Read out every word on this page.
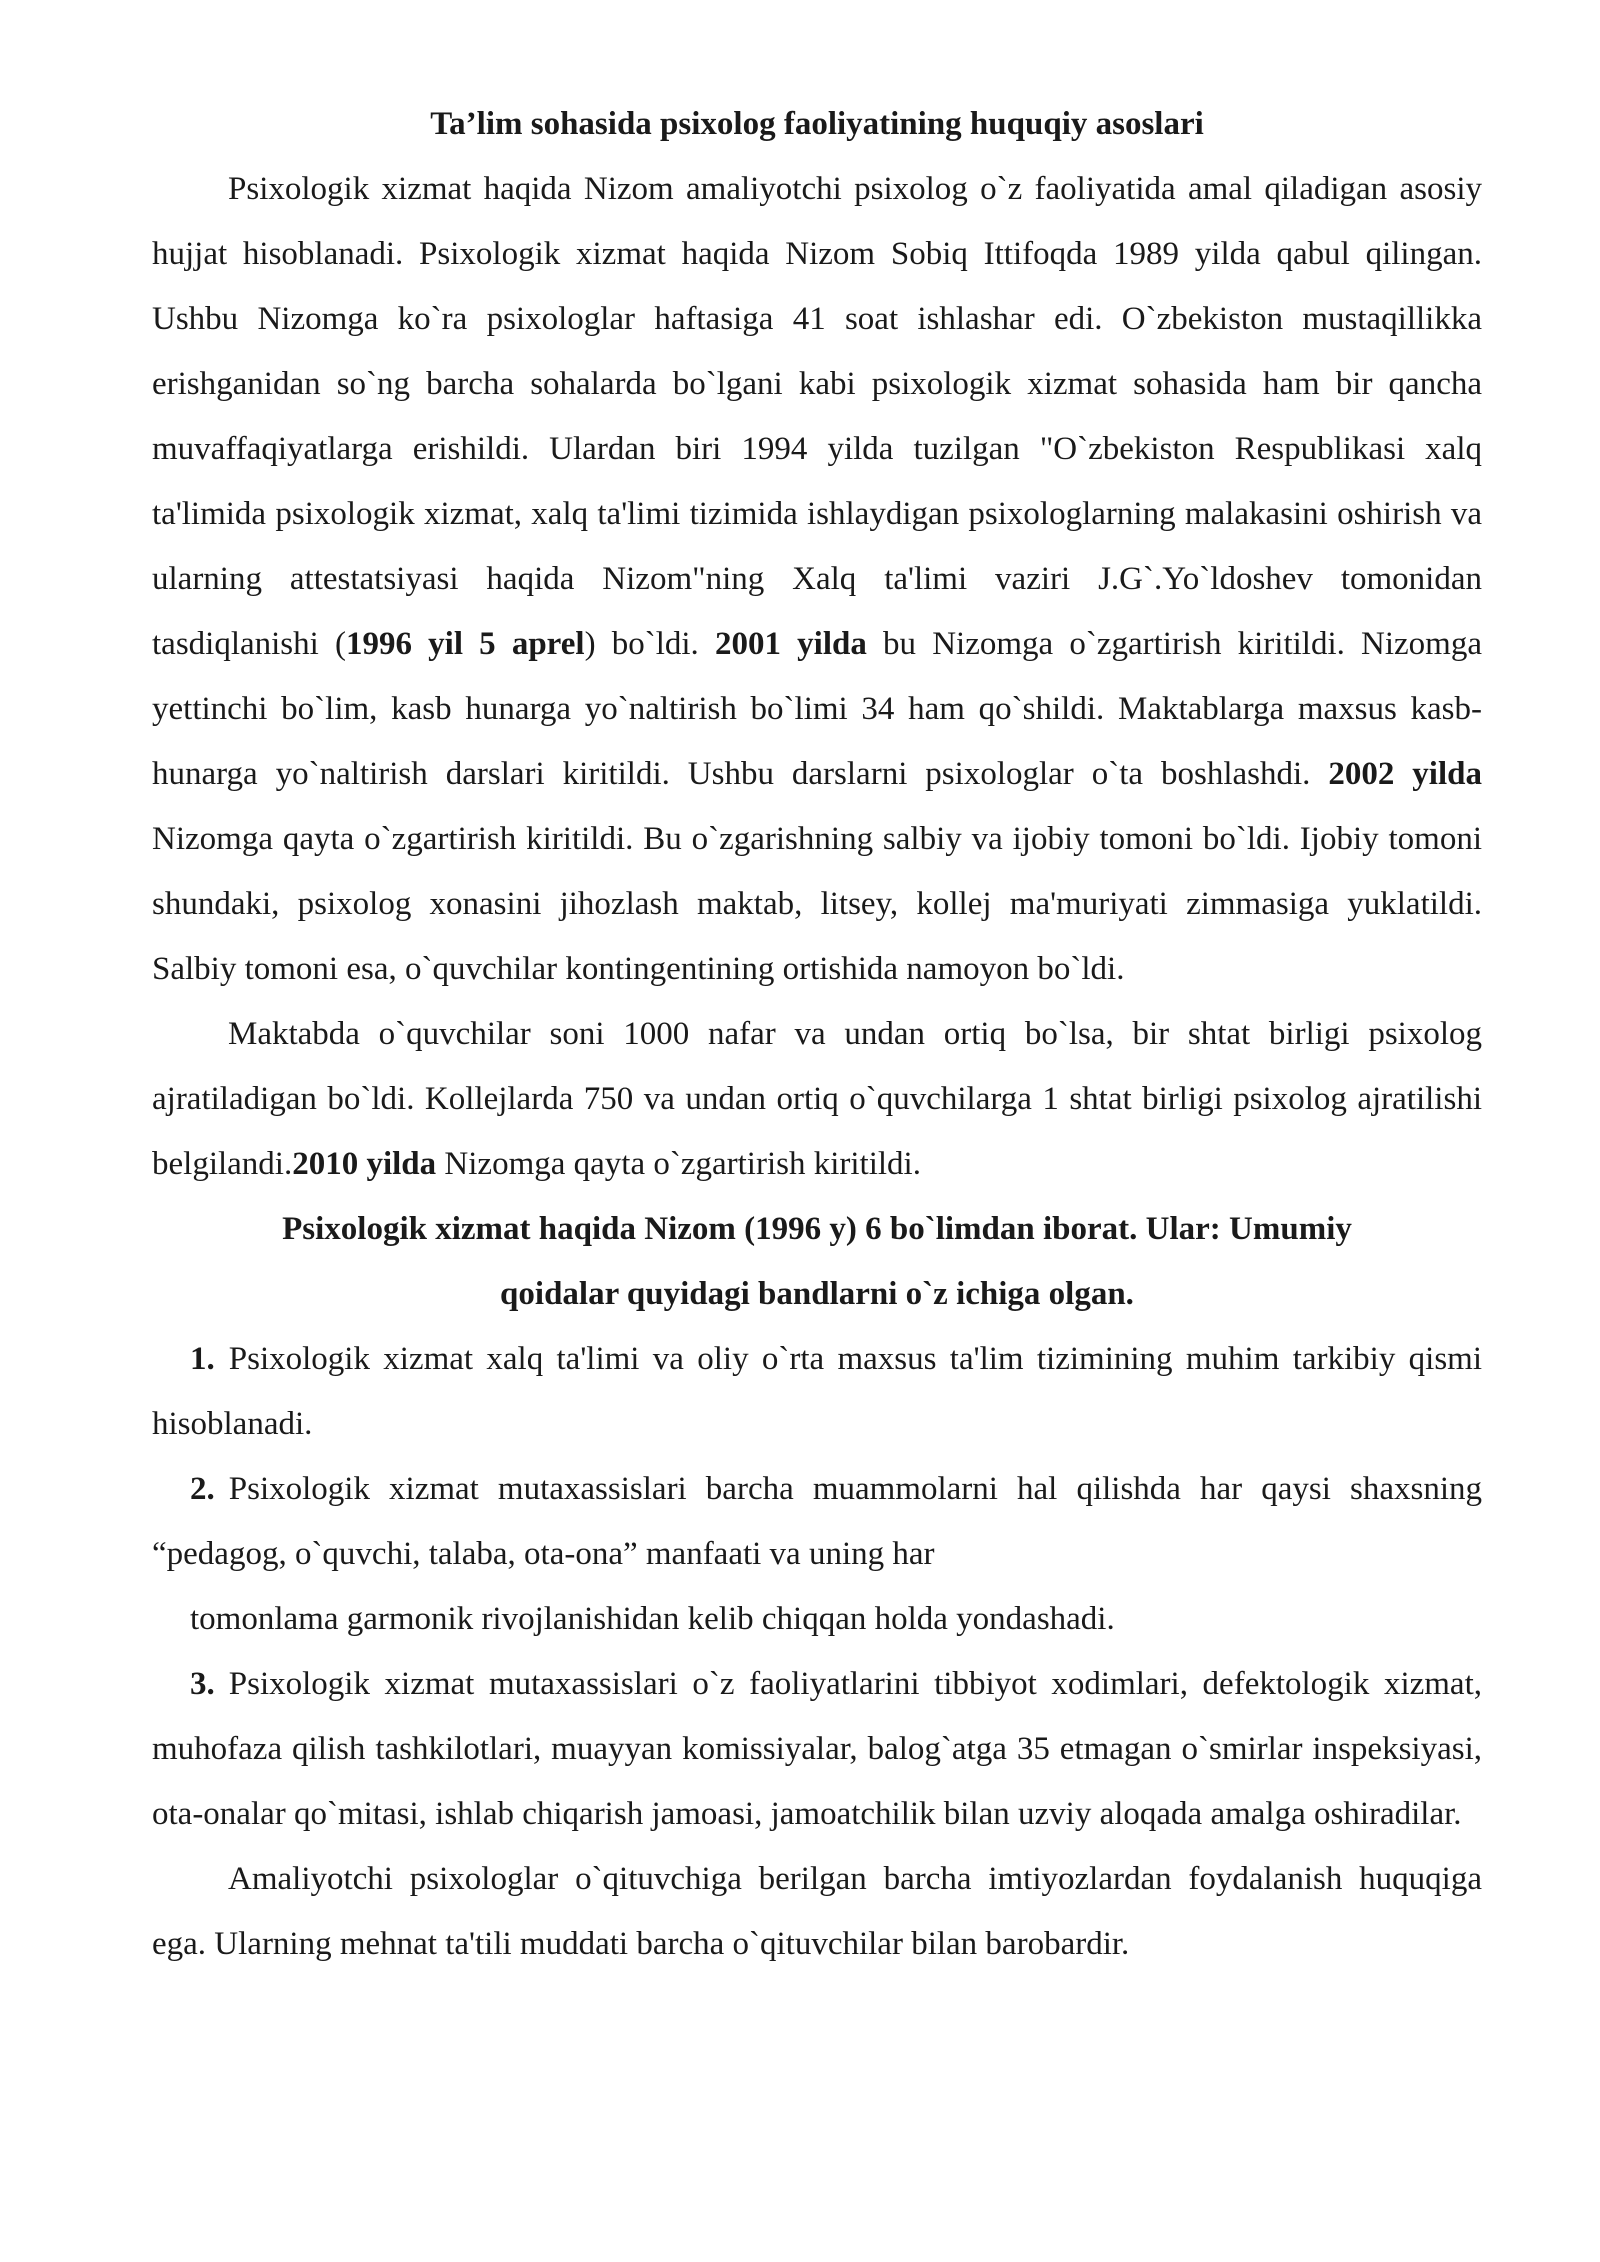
Ta’lim sohasida psixolog faoliyatining huquqiy asoslari

Psixologik xizmat haqida Nizom amaliyotchi psixolog o`z faoliyatida amal qiladigan asosiy hujjat hisoblanadi. Psixologik xizmat haqida Nizom Sobiq Ittifoqda 1989 yilda qabul qilingan. Ushbu Nizomga ko`ra psixologlar haftasiga 41 soat ishlashar edi. O`zbekiston mustaqillikka erishganidan so`ng barcha sohalarda bo`lgani kabi psixologik xizmat sohasida ham bir qancha muvaffaqiyatlarga erishildi. Ulardan biri 1994 yilda tuzilgan "O`zbekiston Respublikasi xalq ta'limida psixologik xizmat, xalq ta'limi tizimida ishlaydigan psixologlarning malakasini oshirish va ularning attestatsiyasi haqida Nizom"ning Xalq ta'limi vaziri J.G`.Yo`ldoshev tomonidan tasdiqlanishi (1996 yil 5 aprel) bo`ldi. 2001 yilda bu Nizomga o`zgartirish kiritildi. Nizomga yettinchi bo`lim, kasb hunarga yo`naltirish bo`limi 34 ham qo`shildi. Maktablarga maxsus kasb-hunarga yo`naltirish darslari kiritildi. Ushbu darslarni psixologlar o`ta boshlashdi. 2002 yilda Nizomga qayta o`zgartirish kiritildi. Bu o`zgarishning salbiy va ijobiy tomoni bo`ldi. Ijobiy tomoni shundaki, psixolog xonasini jihozlash maktab, litsey, kollej ma'muriyati zimmasiga yuklatildi. Salbiy tomoni esa, o`quvchilar kontingentining ortishida namoyon bo`ldi.

Maktabda o`quvchilar soni 1000 nafar va undan ortiq bo`lsa, bir shtat birligi psixolog ajratiladigan bo`ldi. Kollejlarda 750 va undan ortiq o`quvchilarga 1 shtat birligi psixolog ajratilishi belgilandi.2010 yilda Nizomga qayta o`zgartirish kiritildi.

Psixologik xizmat haqida Nizom (1996 y) 6 bo`limdan iborat. Ular: Umumiy
qoidalar quyidagi bandlarni o`z ichiga olgan.

1. Psixologik xizmat xalq ta'limi va oliy o`rta maxsus ta'lim tizimining muhim tarkibiy qismi hisoblanadi.

2. Psixologik xizmat mutaxassislari barcha muammolarni hal qilishda har qaysi shaxsning “pedagog, o`quvchi, talaba, ota-ona” manfaati va uning har

tomonlama garmonik rivojlanishidan kelib chiqqan holda yondashadi.

3. Psixologik xizmat mutaxassislari o`z faoliyatlarini tibbiyot xodimlari, defektologik xizmat, muhofaza qilish tashkilotlari, muayyan komissiyalar, balog`atga 35 etmagan o`smirlar inspeksiyasi, ota-onalar qo`mitasi, ishlab chiqarish jamoasi, jamoatchilik bilan uzviy aloqada amalga oshiradilar.

Amaliyotchi psixologlar o`qituvchiga berilgan barcha imtiyozlardan foydalanish huquqiga ega. Ularning mehnat ta'tili muddati barcha o`qituvchilar bilan barobardir.
